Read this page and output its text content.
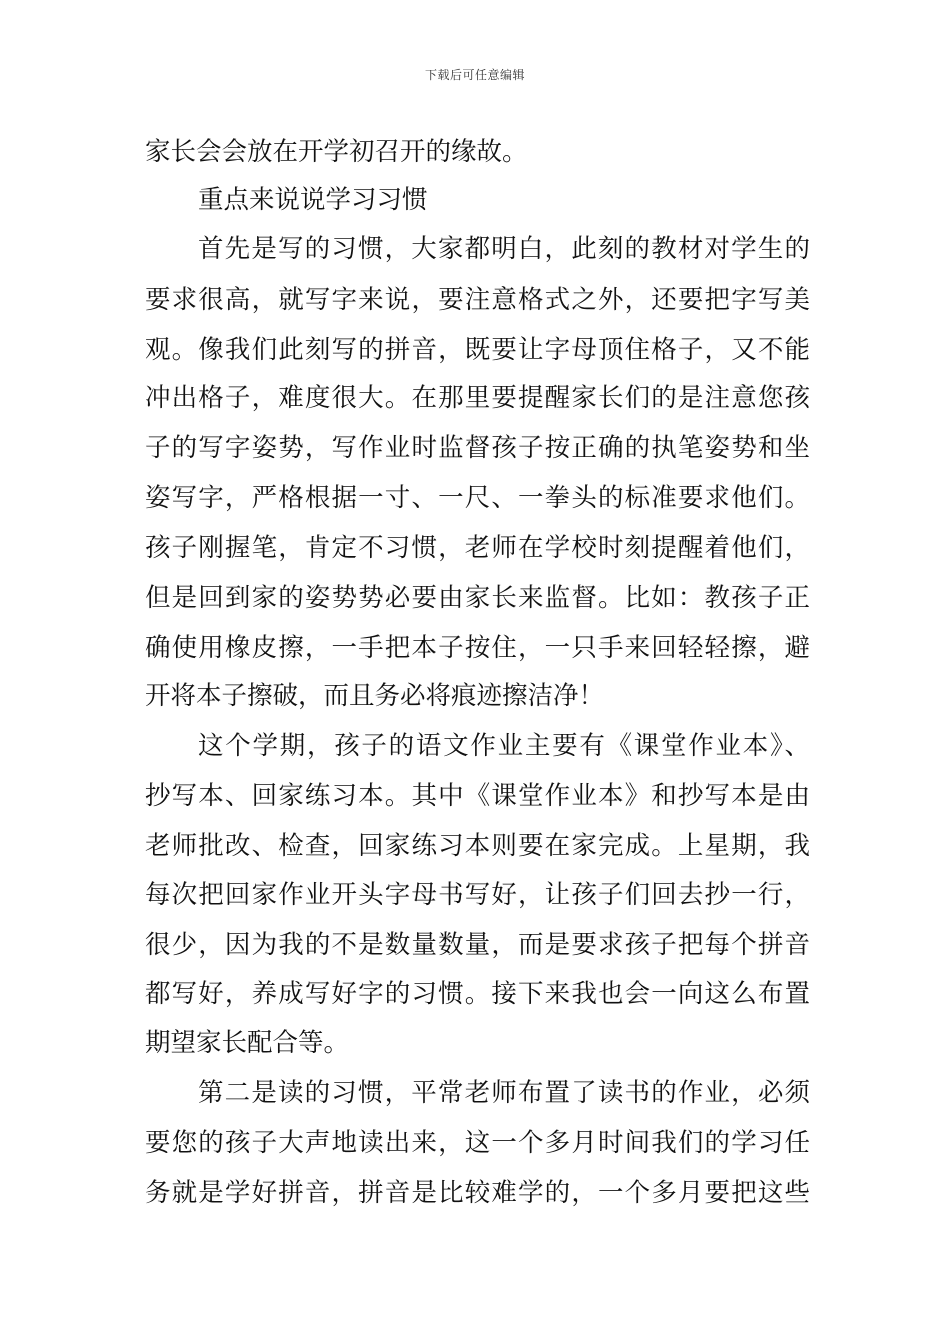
下载后可任意编辑
家长会会放在开学初召开的缘故。
重点来说说学习习惯
首先是写的习惯，大家都明白，此刻的教材对学生的
要求很高，就写字来说，要注意格式之外，还要把字写美
观。像我们此刻写的拼音，既要让字母顶住格子，又不能
冲出格子，难度很大。在那里要提醒家长们的是注意您孩
子的写字姿势，写作业时监督孩子按正确的执笔姿势和坐
姿写字，严格根据一寸、一尺、一拳头的标准要求他们。
孩子刚握笔，肯定不习惯，老师在学校时刻提醒着他们，
但是回到家的姿势势必要由家长来监督。比如：教孩子正
确使用橡皮擦，一手把本子按住，一只手来回轻轻擦，避
开将本子擦破，而且务必将痕迹擦洁净！
这个学期，孩子的语文作业主要有《课堂作业本》、
抄写本、回家练习本。其中《课堂作业本》和抄写本是由
老师批改、检查，回家练习本则要在家完成。上星期，我
每次把回家作业开头字母书写好，让孩子们回去抄一行，
很少，因为我的不是数量数量，而是要求孩子把每个拼音
都写好，养成写好字的习惯。接下来我也会一向这么布置
期望家长配合等。
第二是读的习惯，平常老师布置了读书的作业，必须
要您的孩子大声地读出来，这一个多月时间我们的学习任
务就是学好拼音，拼音是比较难学的，一个多月要把这些
